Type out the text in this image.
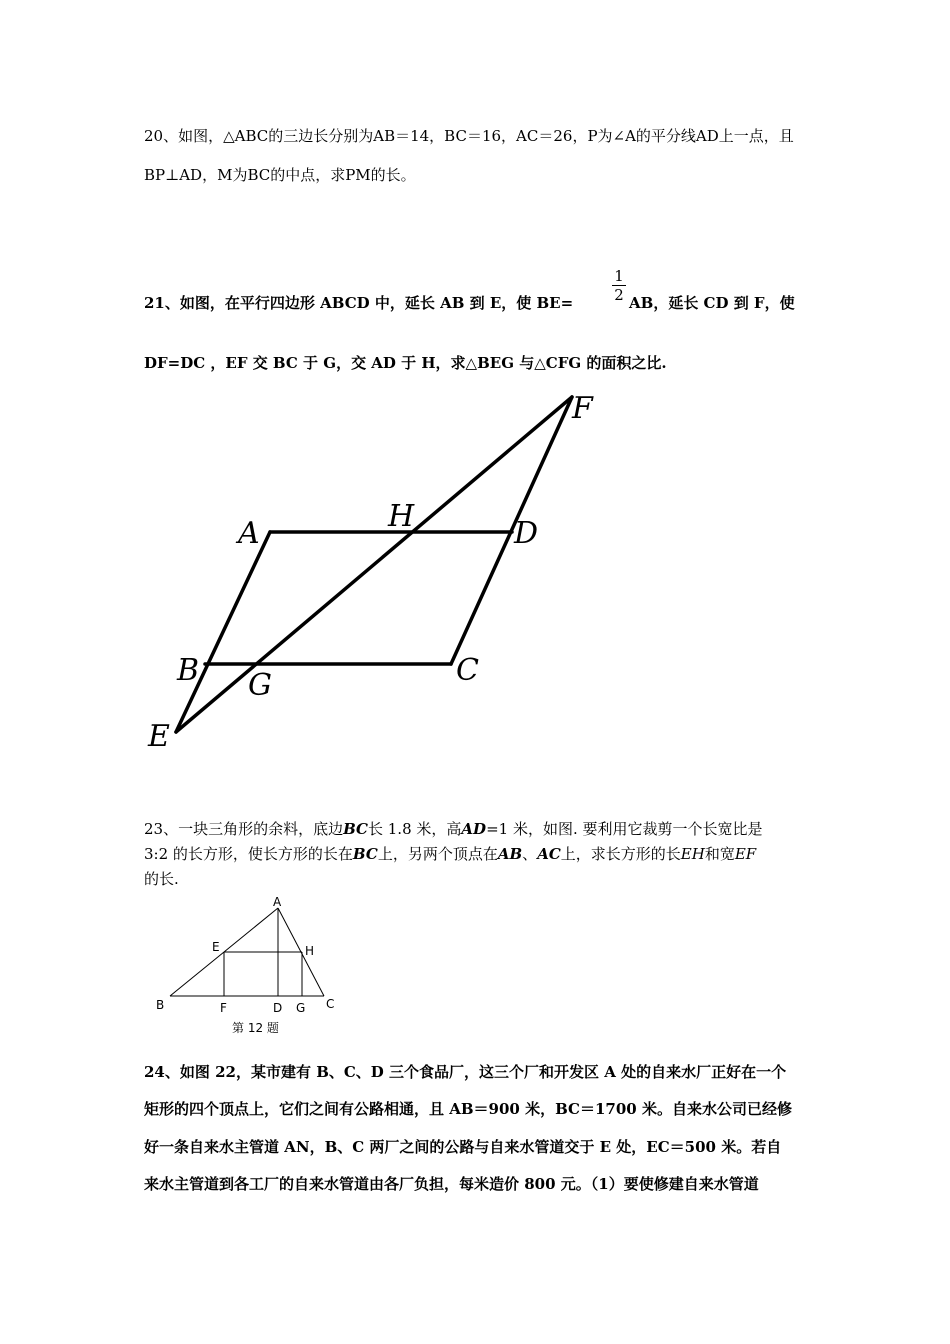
20、如图，△ABC的三边长分别为AB＝14，BC＝16，AC＝26，P为∠A的平分线AD上一点，且
BP⊥AD，M为BC的中点，求PM的长。
21、如图，在平行四边形 ABCD 中，延长 AB 到 E，使 BE=
1
2 AB，延长 CD 到 F，使
DF=DC ，EF 交 BC 于 G，交 AD 于 H，求△BEG 与△CFG 的面积之比.
A	H	D
F
B G	C
E
23、一块三角形的余料，底边BC长 1.8 米，高AD=1 米，如图. 要利用它裁剪一个长宽比是
3:2 的长方形，使长方形的长在BC上，另两个顶点在AB、AC上，求长方形的长EH和宽EF
的长.
A
E	H
B	F	D G C
第 12 题
24、如图 22，某市建有 B、C、D 三个食品厂，这三个厂和开发区 A 处的自来水厂正好在一个
矩形的四个顶点上，它们之间有公路相通，且 AB＝900 米，BC＝1700 米。自来水公司已经修
好一条自来水主管道 AN，B、C 两厂之间的公路与自来水管道交于 E 处，EC＝500 米。若自
来水主管道到各工厂的自来水管道由各厂负担，每米造价 800 元。（1）要使修建自来水管道
